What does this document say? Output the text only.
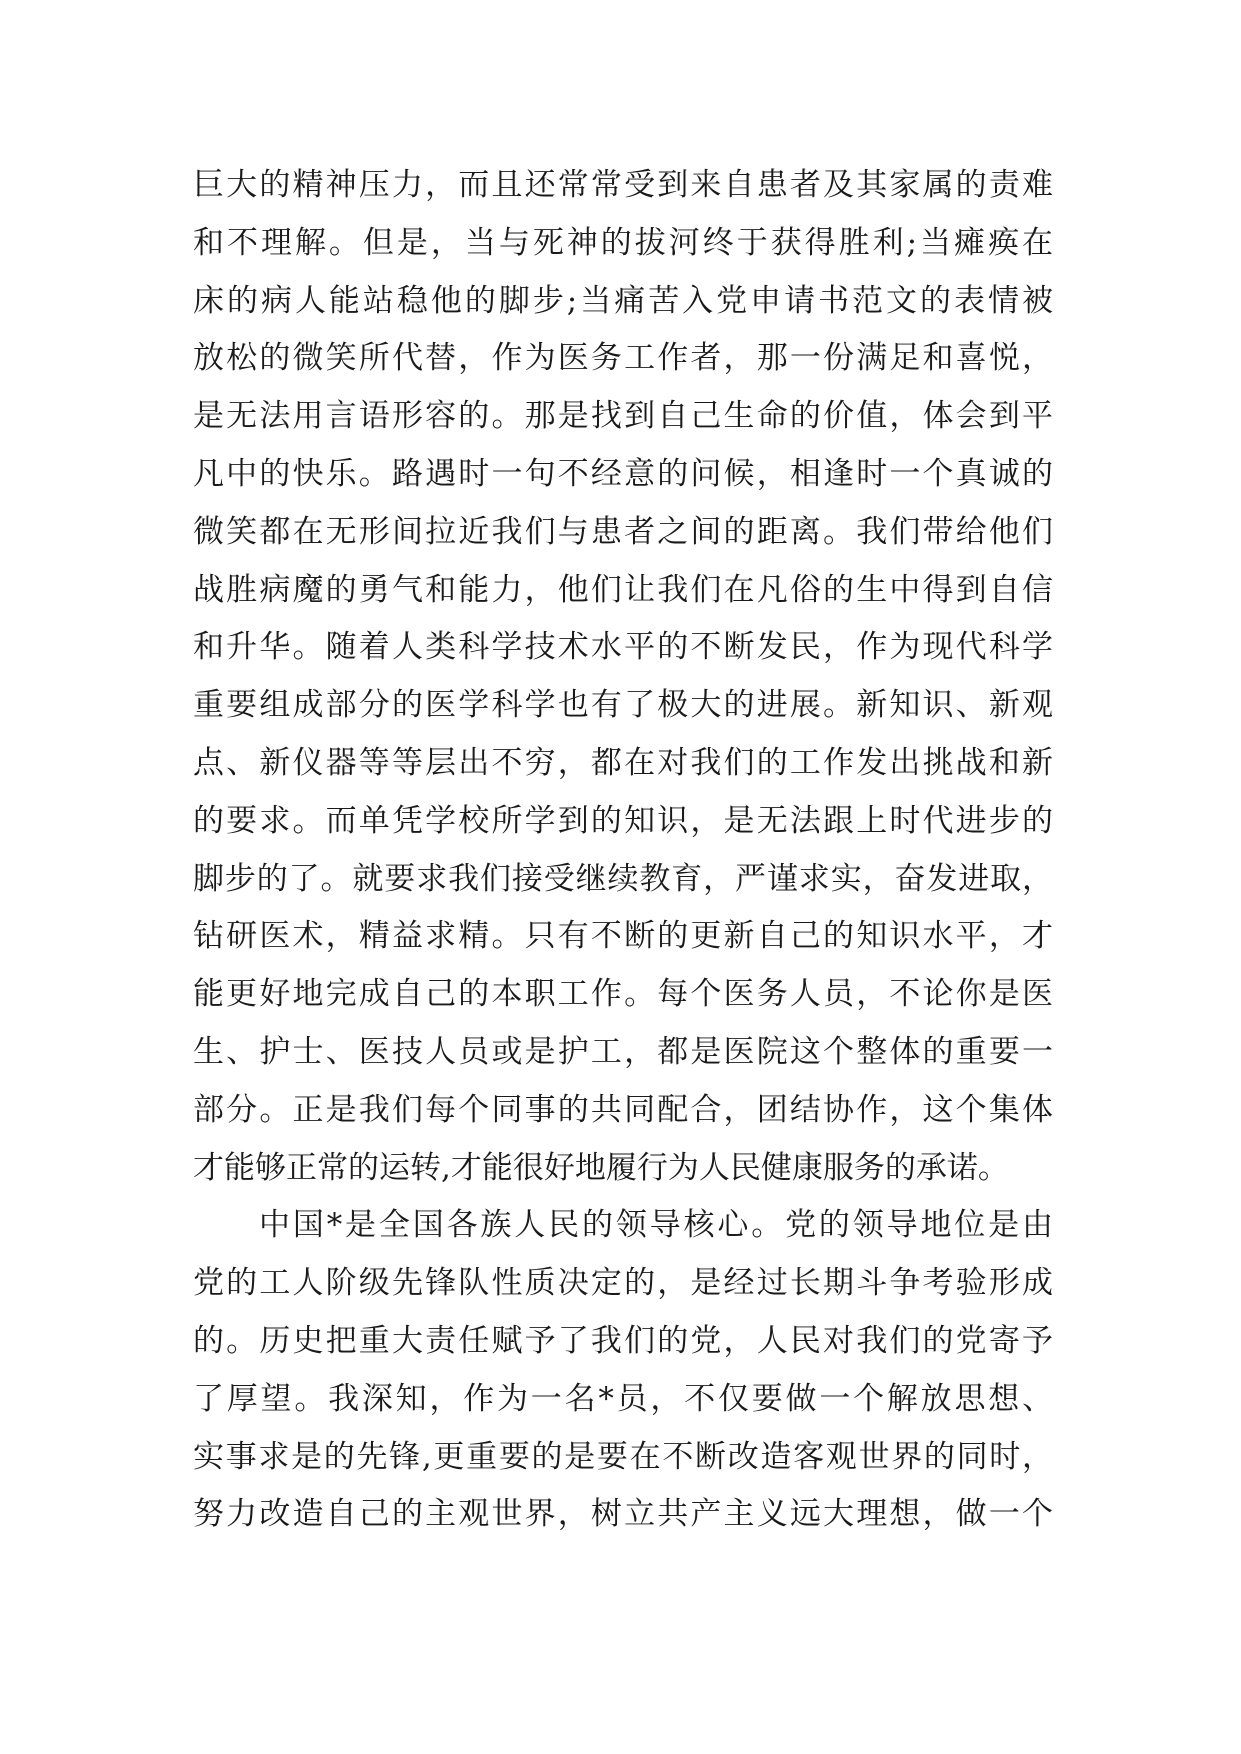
巨大的精神压力，而且还常常受到来自患者及其家属的责难
和不理解。但是，当与死神的拔河终于获得胜利;当瘫痪在
床的病人能站稳他的脚步;当痛苦入党申请书范文的表情被
放松的微笑所代替，作为医务工作者，那一份满足和喜悦，
是无法用言语形容的。那是找到自己生命的价值，体会到平
凡中的快乐。路遇时一句不经意的问候，相逢时一个真诚的
微笑都在无形间拉近我们与患者之间的距离。我们带给他们
战胜病魔的勇气和能力，他们让我们在凡俗的生中得到自信
和升华。随着人类科学技术水平的不断发民，作为现代科学
重要组成部分的医学科学也有了极大的进展。新知识、新观
点、新仪器等等层出不穷，都在对我们的工作发出挑战和新
的要求。而单凭学校所学到的知识，是无法跟上时代进步的
脚步的了。就要求我们接受继续教育，严谨求实，奋发进取，
钻研医术，精益求精。只有不断的更新自己的知识水平，才
能更好地完成自己的本职工作。每个医务人员，不论你是医
生、护士、医技人员或是护工，都是医院这个整体的重要一
部分。正是我们每个同事的共同配合，团结协作，这个集体
才能够正常的运转,才能很好地履行为人民健康服务的承诺。
中国*是全国各族人民的领导核心。党的领导地位是由
党的工人阶级先锋队性质决定的，是经过长期斗争考验形成
的。历史把重大责任赋予了我们的党，人民对我们的党寄予
了厚望。我深知，作为一名*员，不仅要做一个解放思想、
实事求是的先锋,更重要的是要在不断改造客观世界的同时，
努力改造自己的主观世界，树立共产主义远大理想，做一个
